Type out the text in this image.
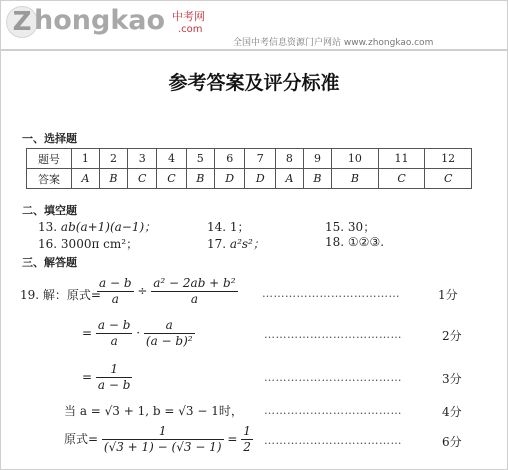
Z hongkao 中考网
.com
全国中考信息资源门户网站 www.zhongkao.com
参考答案及评分标准
一、选择题
题号	1	2	3	4	5	6	7	8	9	10	11	12
答案	A	B	C	C	B	D	D	A	B	B	C	C
二、填空题
13. ab(a+1)(a−1)；	14. 1；	15. 30；
16. 3000π cm²；	17. a²s²；	18. ①②③.
三、解答题
19. 解：原式=
$\frac{a - b}{a} \div \frac{\text{a² − 2ab + b²}}{a}$ ………………………………	1分
= $\frac{a - b}{a} \cdot \frac{a}{\text{(a − b)²}}$	………………………………	2分
= $\frac{1}{a - b}$	………………………………	3分
当 a = √3 + 1, b = √3 − 1时， ………………………………	4分
原式= $\frac{1}{(√3 + 1) - (√3 - 1)} = \frac{1}{2}$ ………………………………	6分
